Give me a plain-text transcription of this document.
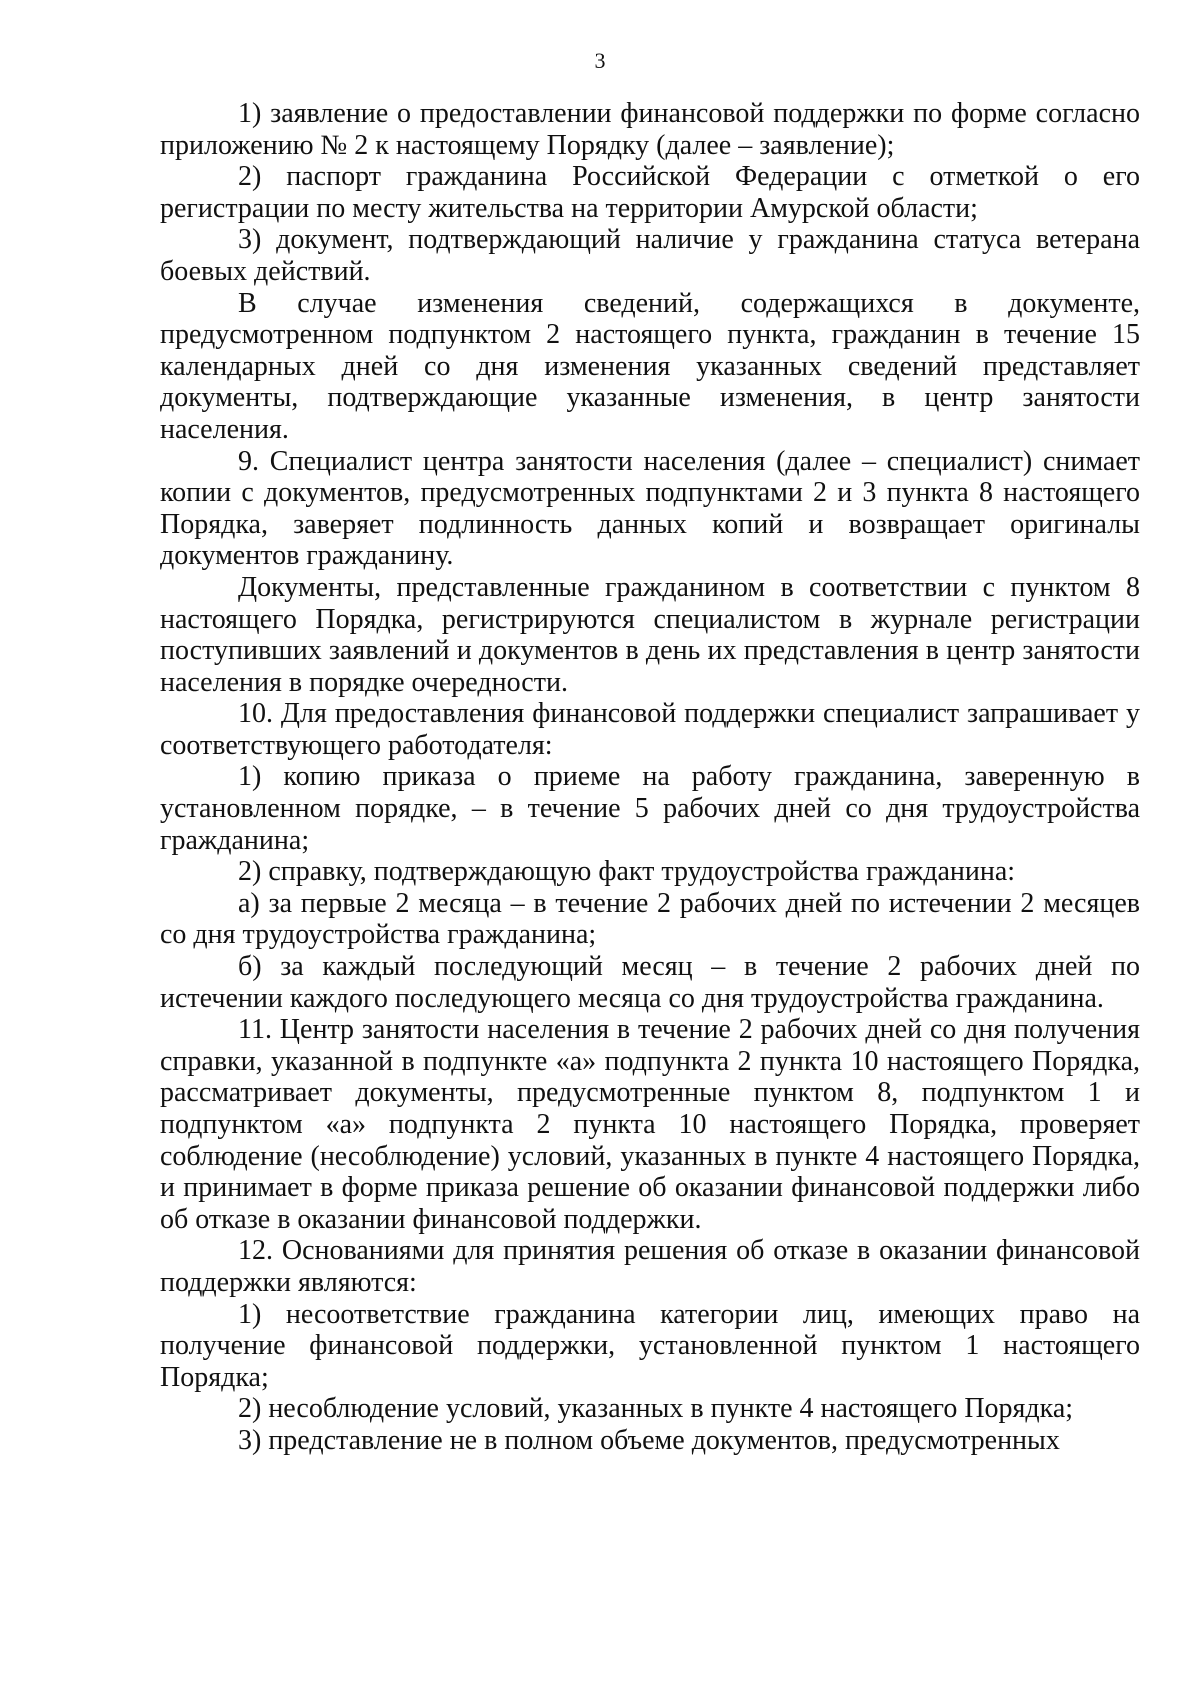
3

1) заявление о предоставлении финансовой поддержки по форме согласно приложению № 2 к настоящему Порядку (далее – заявление);

2) паспорт гражданина Российской Федерации с отметкой о его регистрации по месту жительства на территории Амурской области;

3) документ, подтверждающий наличие у гражданина статуса ветерана боевых действий.

В случае изменения сведений, содержащихся в документе, предусмотренном подпунктом 2 настоящего пункта, гражданин в течение 15 календарных дней со дня изменения указанных сведений представляет документы, подтверждающие указанные изменения, в центр занятости населения.

9. Специалист центра занятости населения (далее – специалист) снимает копии с документов, предусмотренных подпунктами 2 и 3 пункта 8 настоящего Порядка, заверяет подлинность данных копий и возвращает оригиналы документов гражданину.

Документы, представленные гражданином в соответствии с пунктом 8 настоящего Порядка, регистрируются специалистом в журнале регистрации поступивших заявлений и документов в день их представления в центр занятости населения в порядке очередности.

10. Для предоставления финансовой поддержки специалист запрашивает у соответствующего работодателя:

1) копию приказа о приеме на работу гражданина, заверенную в установленном порядке, – в течение 5 рабочих дней со дня трудоустройства гражданина;

2) справку, подтверждающую факт трудоустройства гражданина:

а) за первые 2 месяца – в течение 2 рабочих дней по истечении 2 месяцев со дня трудоустройства гражданина;

б) за каждый последующий месяц – в течение 2 рабочих дней по истечении каждого последующего месяца со дня трудоустройства гражданина.

11. Центр занятости населения в течение 2 рабочих дней со дня получения справки, указанной в подпункте «а» подпункта 2 пункта 10 настоящего Порядка, рассматривает документы, предусмотренные пунктом 8, подпунктом 1 и подпунктом «а» подпункта 2 пункта 10 настоящего Порядка, проверяет соблюдение (несоблюдение) условий, указанных в пункте 4 настоящего Порядка, и принимает в форме приказа решение об оказании финансовой поддержки либо об отказе в оказании финансовой поддержки.

12. Основаниями для принятия решения об отказе в оказании финансовой поддержки являются:

1) несоответствие гражданина категории лиц, имеющих право на получение финансовой поддержки, установленной пунктом 1 настоящего Порядка;

2) несоблюдение условий, указанных в пункте 4 настоящего Порядка;

3) представление не в полном объеме документов, предусмотренных
